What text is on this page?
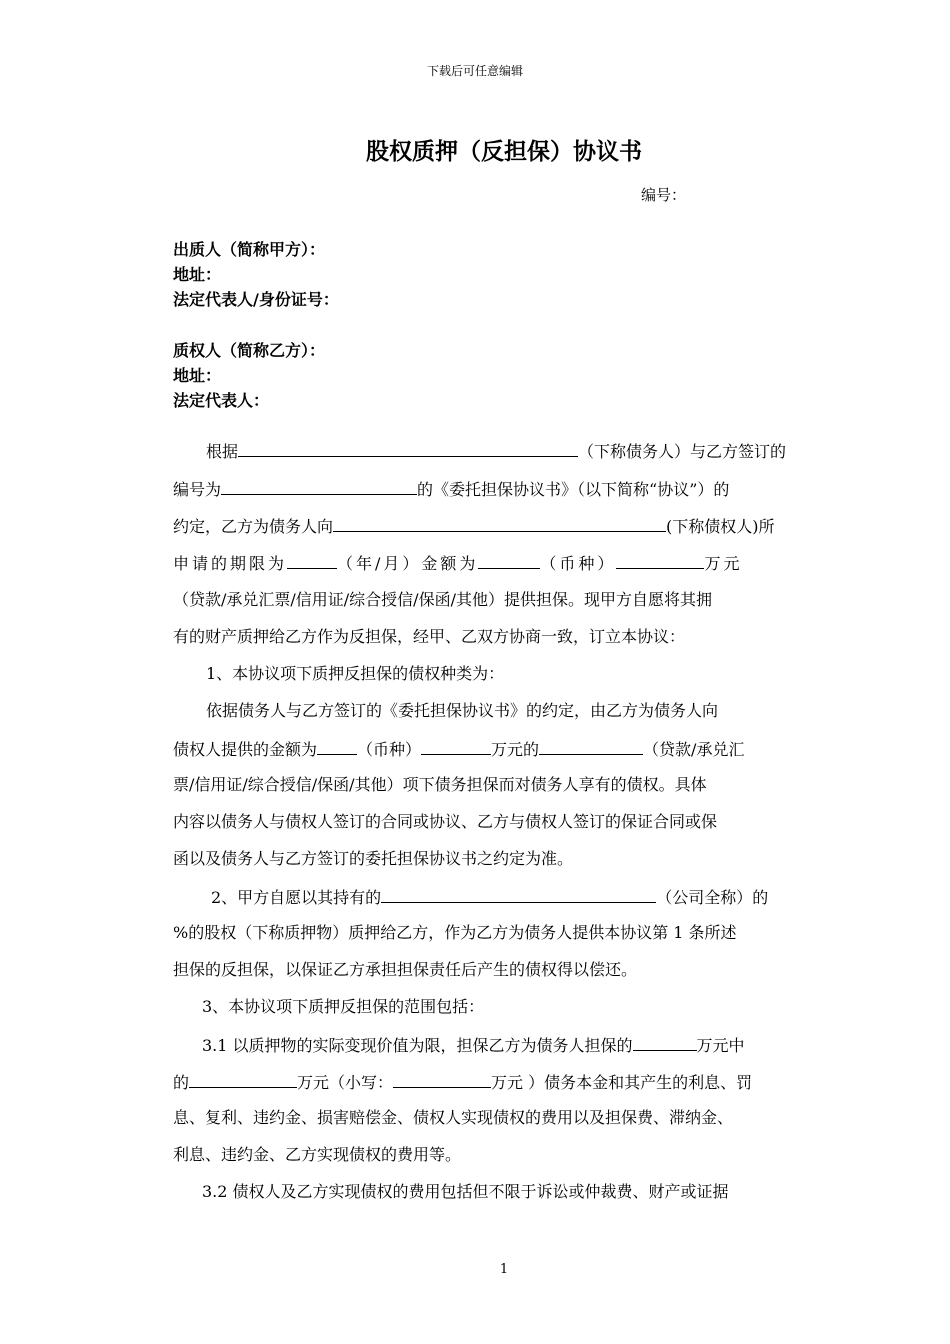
下载后可任意编辑
股权质押（反担保）协议书
编号：
出质人（简称甲方）：
地址：
法定代表人/身份证号：
质权人（简称乙方）：
地址：
法定代表人：
根据	（下称债务人）与乙方签订的
编号为	的《委托担保协议书》（以下简称“协议”）的
约定，乙方为债务人向	(下称债权人)所
申请的期限为	（年/月）金额为	（币种）	万元
（贷款/承兑汇票/信用证/综合授信/保函/其他）提供担保。现甲方自愿将其拥
有的财产质押给乙方作为反担保，经甲、乙双方协商一致，订立本协议：
1、本协议项下质押反担保的债权种类为：
依据债务人与乙方签订的《委托担保协议书》的约定，由乙方为债务人向
债权人提供的金额为	（币种）	万元的	（贷款/承兑汇
票/信用证/综合授信/保函/其他）项下债务担保而对债务人享有的债权。具体
内容以债务人与债权人签订的合同或协议、乙方与债权人签订的保证合同或保
函以及债务人与乙方签订的委托担保协议书之约定为准。
2、甲方自愿以其持有的	（公司全称）的
%的股权（下称质押物）质押给乙方，作为乙方为债务人提供本协议第 1 条所述
担保的反担保，以保证乙方承担担保责任后产生的债权得以偿还。
3、本协议项下质押反担保的范围包括：
3.1 以质押物的实际变现价值为限，担保乙方为债务人担保的	万元中
的	万元（小写：	万元 ）债务本金和其产生的利息、罚
息、复利、违约金、损害赔偿金、债权人实现债权的费用以及担保费、滞纳金、
利息、违约金、乙方实现债权的费用等。
3.2 债权人及乙方实现债权的费用包括但不限于诉讼或仲裁费、财产或证据
1
